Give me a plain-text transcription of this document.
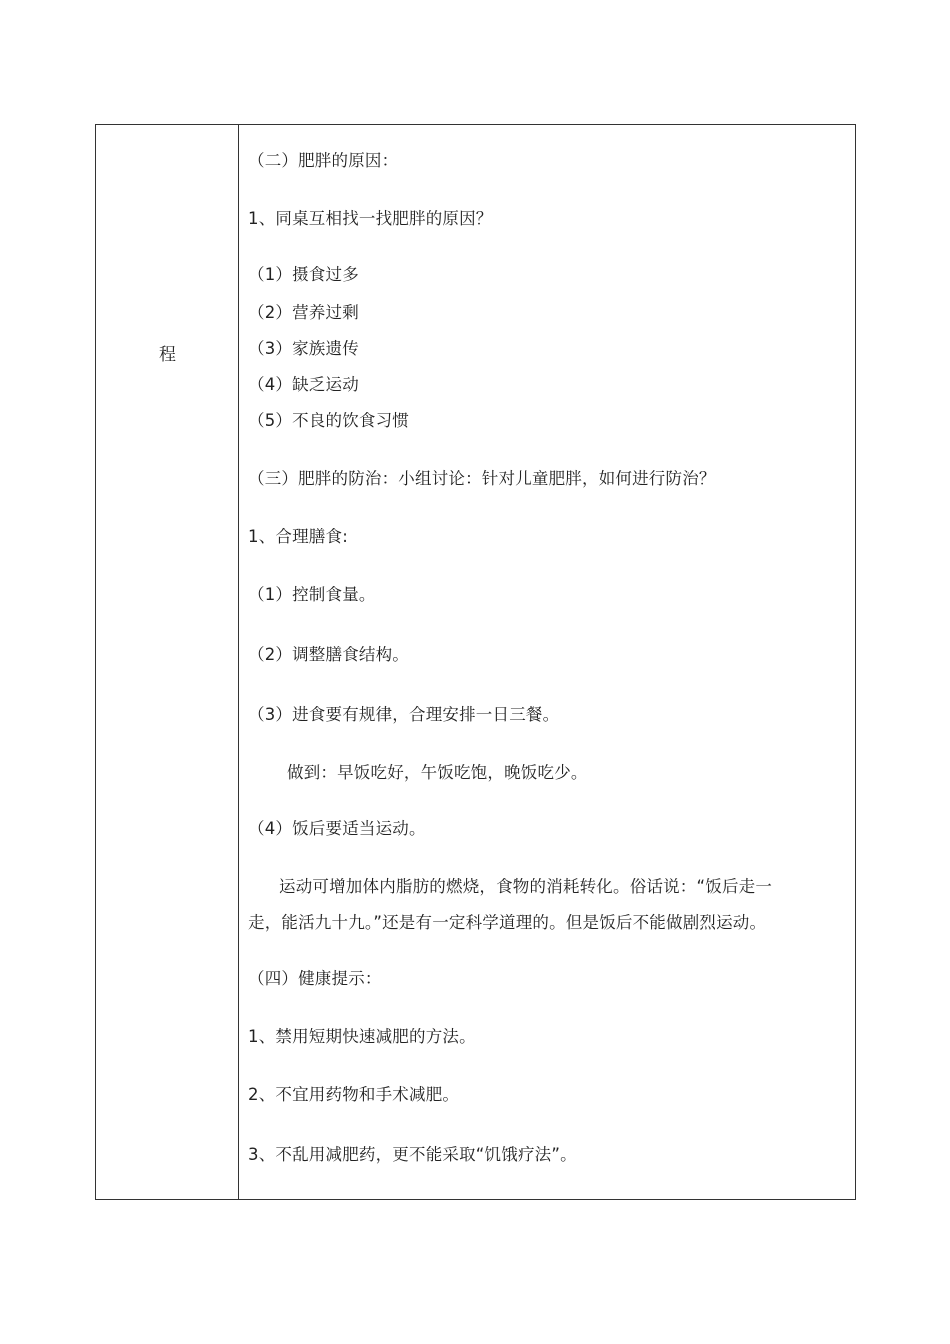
程
（二）肥胖的原因：
1、同桌互相找一找肥胖的原因？
（1）摄食过多
（2）营养过剩
（3）家族遗传
（4）缺乏运动
（5）不良的饮食习惯
（三）肥胖的防治：小组讨论：针对儿童肥胖，如何进行防治？
1、合理膳食:
（1）控制食量。
（2）调整膳食结构。
（3）进食要有规律，合理安排一日三餐。
做到：早饭吃好，午饭吃饱，晚饭吃少。
（4）饭后要适当运动。
运动可增加体内脂肪的燃烧，食物的消耗转化。俗话说：“饭后走一
走，能活九十九。”还是有一定科学道理的。但是饭后不能做剧烈运动。
（四）健康提示：
1、禁用短期快速减肥的方法。
2、不宜用药物和手术减肥。
3、不乱用减肥药，更不能采取“饥饿疗法”。
